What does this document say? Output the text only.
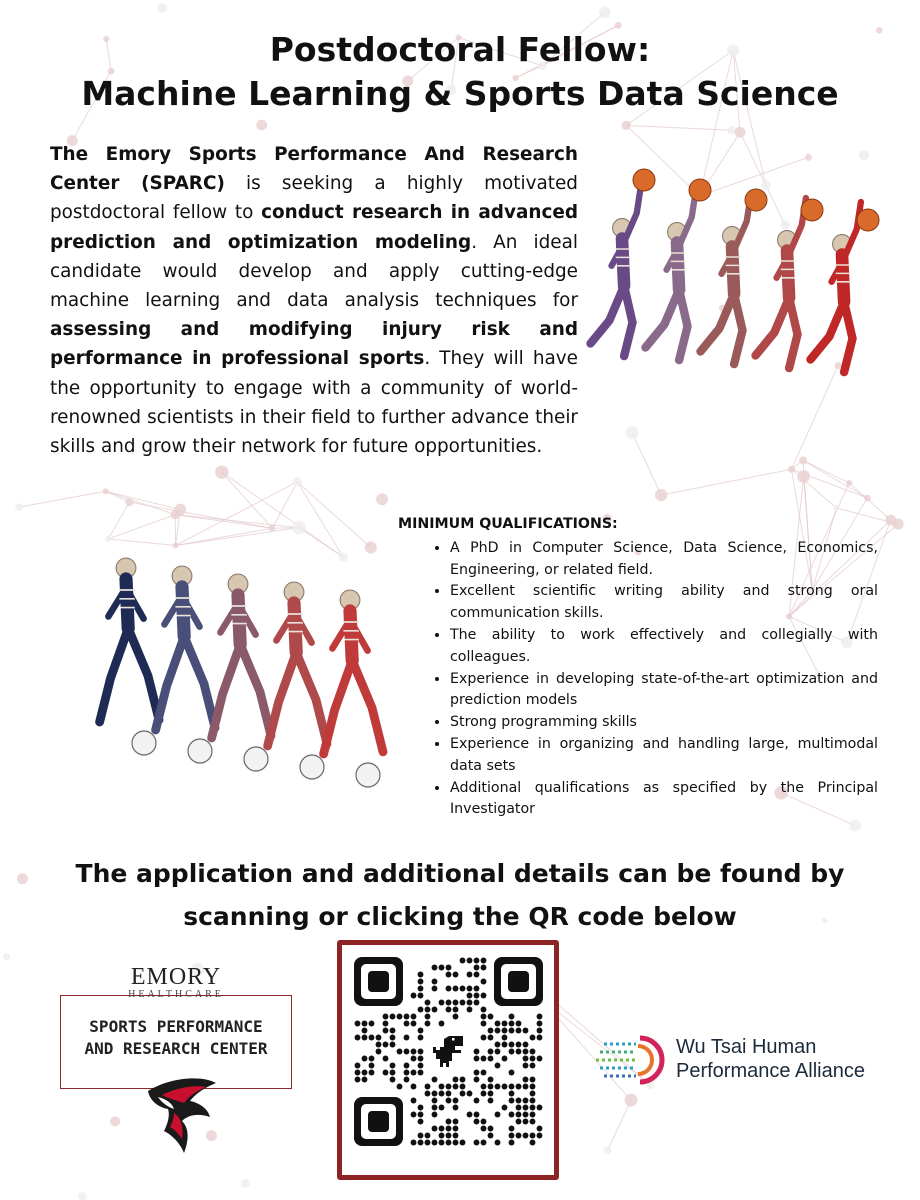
Postdoctoral Fellow:
Machine Learning & Sports Data Science
The Emory Sports Performance And Research Center (SPARC) is seeking a highly motivated postdoctoral fellow to conduct research in advanced prediction and optimization modeling. An ideal candidate would develop and apply cutting-edge machine learning and data analysis techniques for assessing and modifying injury risk and performance in professional sports. They will have the opportunity to engage with a community of world-renowned scientists in their field to further advance their skills and grow their network for future opportunities.
MINIMUM QUALIFICATIONS:
• A PhD in Computer Science, Data Science, Economics, Engineering, or related field.
• Excellent scientific writing ability and strong oral communication skills.
• The ability to work effectively and collegially with colleagues.
• Experience in developing state-of-the-art optimization and prediction models
• Strong programming skills
• Experience in organizing and handling large, multimodal data sets
• Additional qualifications as specified by the Principal Investigator
The application and additional details can be found by
scanning or clicking the QR code below
EMORY
HEALTHCARE
SPORTS PERFORMANCE
AND RESEARCH CENTER	Wu Tsai Human
Performance Alliance
